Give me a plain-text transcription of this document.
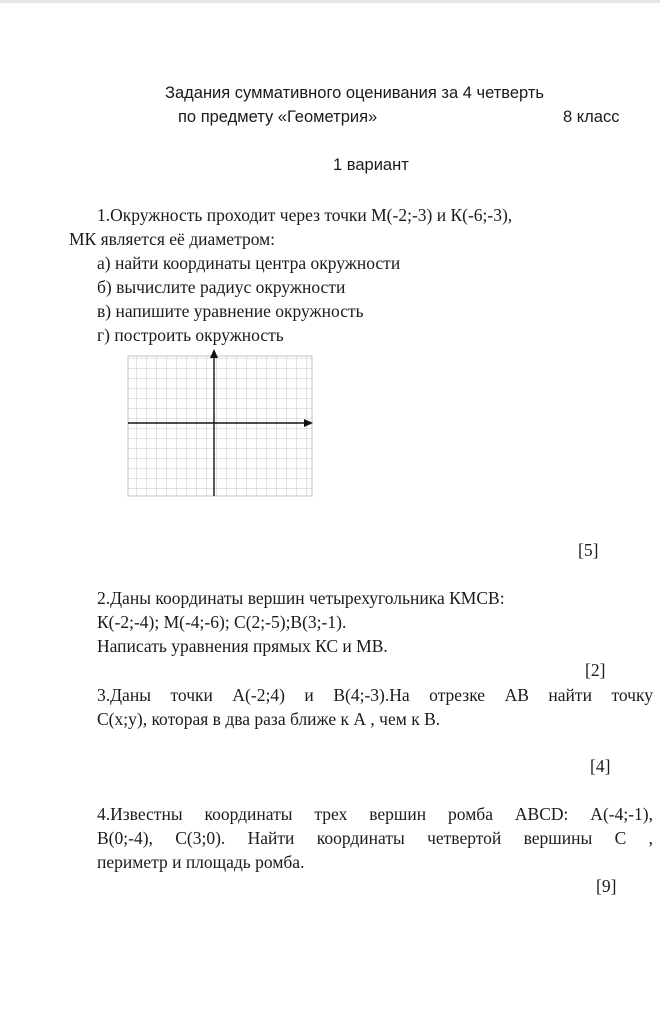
Задания суммативного оценивания за 4 четверть
по предмету «Геометрия»	8 класс
1 вариант
1.Окружность проходит через точки М(-2;-3) и К(-6;-3),
МК является её диаметром:
а) найти координаты центра окружности
б) вычислите радиус окружности
в) напишите уравнение окружность
г) построить окружность
[5]
2.Даны координаты вершин четырехугольника КМСВ:
К(-2;-4); М(-4;-6); С(2;-5);В(3;-1).
Написать уравнения прямых КС и МВ.
[2]
3.Даны точки А(-2;4) и В(4;-3).На отрезке АВ найти точку
С(х;у), которая в два раза ближе к А , чем к В.
[4]
4.Известны координаты трех вершин ромба ABCD: А(-4;-1),
В(0;-4), С(3;0). Найти координаты четвертой вершины С ,
периметр и площадь ромба.
[9]
